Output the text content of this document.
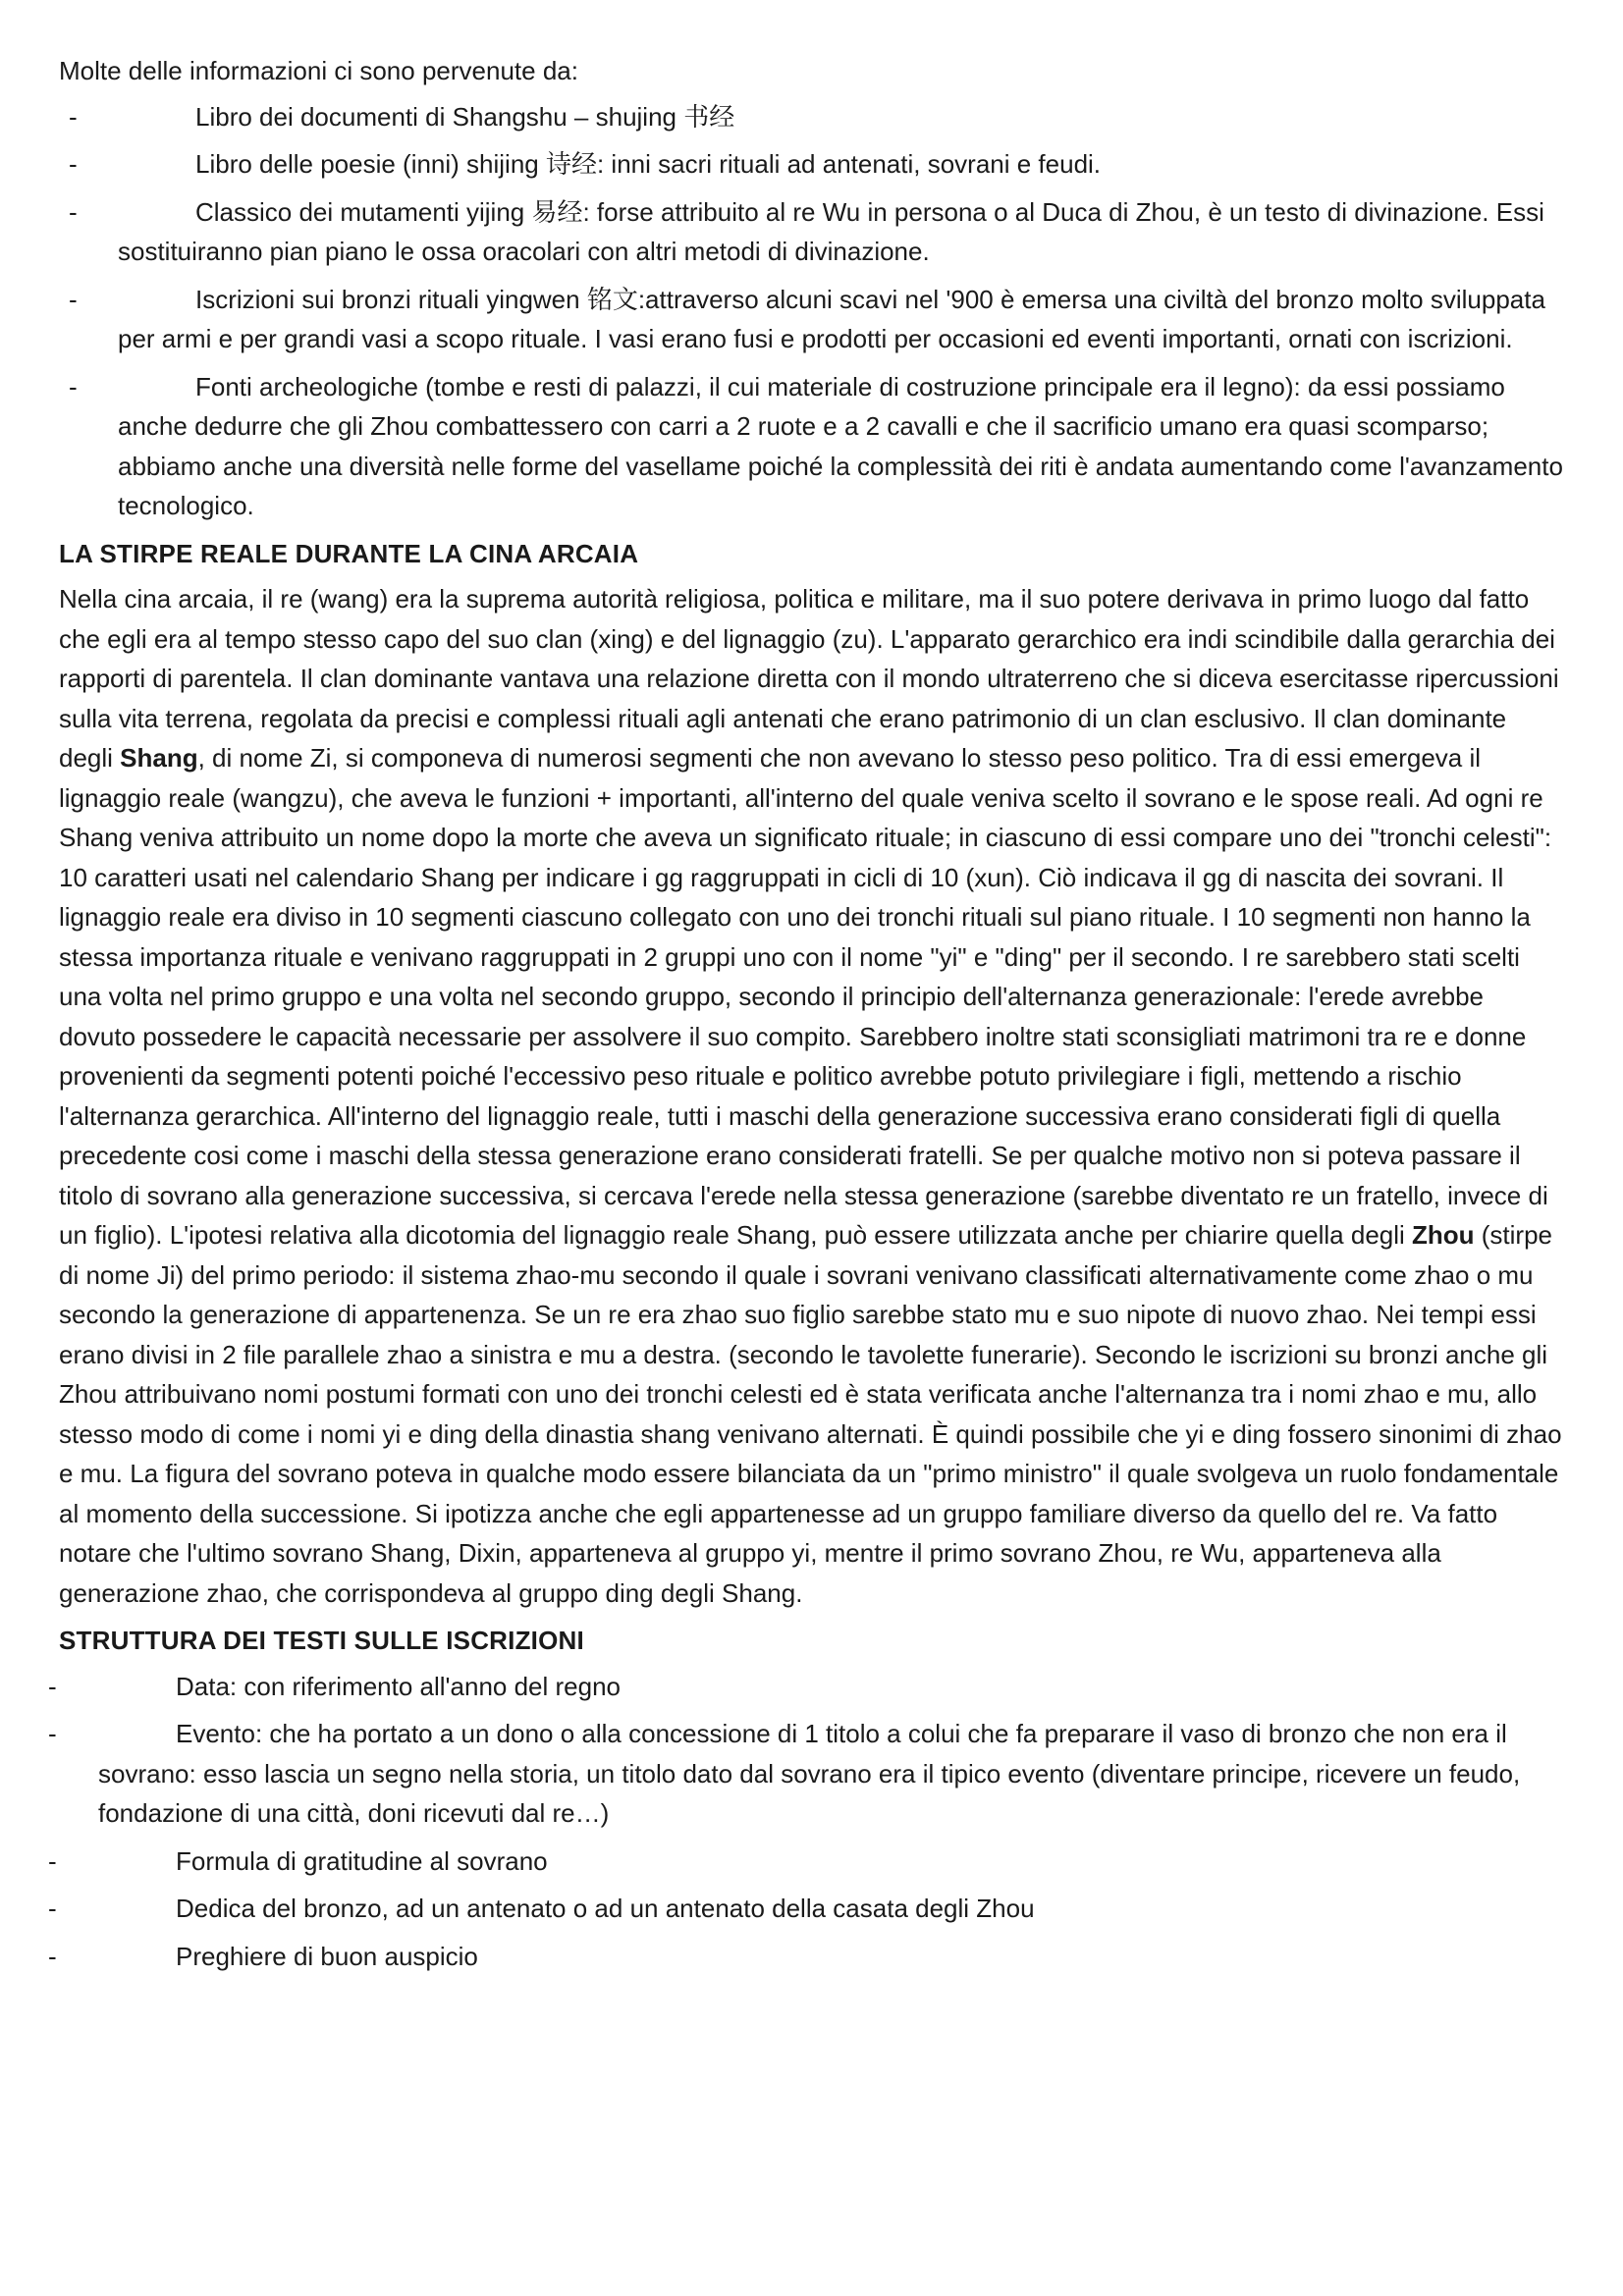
Molte delle informazioni ci sono pervenute da:

-	Libro dei documenti di Shangshu – shujing 书经
-	Libro delle poesie (inni) shijing 诗经: inni sacri rituali ad antenati, sovrani e feudi.
-	Classico dei mutamenti yijing 易经: forse attribuito al re Wu in persona o al Duca di Zhou, è un testo di divinazione. Essi sostituiranno pian piano le ossa oracolari con altri metodi di divinazione.
-	Iscrizioni sui bronzi rituali yingwen 铭文:attraverso alcuni scavi nel '900 è emersa una civiltà del bronzo molto sviluppata per armi e per grandi vasi a scopo rituale. I vasi erano fusi e prodotti per occasioni ed eventi importanti, ornati con iscrizioni.
-	Fonti archeologiche (tombe e resti di palazzi, il cui materiale di costruzione principale era il legno): da essi possiamo anche dedurre che gli Zhou combattessero con carri a 2 ruote e a 2 cavalli e che il sacrificio umano era quasi scomparso; abbiamo anche una diversità nelle forme del vasellame poiché la complessità dei riti è andata aumentando come l'avanzamento tecnologico.
LA STIRPE REALE DURANTE LA CINA ARCAIA

Nella cina arcaia, il re (wang) era la suprema autorità religiosa, politica e militare, ma il suo potere derivava in primo luogo dal fatto che egli era al tempo stesso capo del suo clan (xing) e del lignaggio (zu). L'apparato gerarchico era indi scindibile dalla gerarchia dei rapporti di parentela. Il clan dominante vantava una relazione diretta con il mondo ultraterreno che si diceva esercitasse ripercussioni sulla vita terrena, regolata da precisi e complessi rituali agli antenati che erano patrimonio di un clan esclusivo. Il clan dominante degli Shang, di nome Zi, si componeva di numerosi segmenti che non avevano lo stesso peso politico. Tra di essi emergeva il lignaggio reale (wangzu), che aveva le funzioni + importanti, all'interno del quale veniva scelto il sovrano e le spose reali. Ad ogni re Shang veniva attribuito un nome dopo la morte che aveva un significato rituale; in ciascuno di essi compare uno dei "tronchi celesti": 10 caratteri usati nel calendario Shang per indicare i gg raggruppati in cicli di 10 (xun). Ciò indicava il gg di nascita dei sovrani. Il lignaggio reale era diviso in 10 segmenti ciascuno collegato con uno dei tronchi rituali sul piano rituale. I 10 segmenti non hanno la stessa importanza rituale e venivano raggruppati in 2 gruppi uno con il nome "yi" e "ding" per il secondo. I re sarebbero stati scelti una volta nel primo gruppo e una volta nel secondo gruppo, secondo il principio dell'alternanza generazionale: l'erede avrebbe dovuto possedere le capacità necessarie per assolvere il suo compito. Sarebbero inoltre stati sconsigliati matrimoni tra re e donne provenienti da segmenti potenti poiché l'eccessivo peso rituale e politico avrebbe potuto privilegiare i figli, mettendo a rischio l'alternanza gerarchica. All'interno del lignaggio reale, tutti i maschi della generazione successiva erano considerati figli di quella precedente cosi come i maschi della stessa generazione erano considerati fratelli. Se per qualche motivo non si poteva passare il titolo di sovrano alla generazione successiva, si cercava l'erede nella stessa generazione (sarebbe diventato re un fratello, invece di un figlio). L'ipotesi relativa alla dicotomia del lignaggio reale Shang, può essere utilizzata anche per chiarire quella degli Zhou (stirpe di nome Ji) del primo periodo: il sistema zhao-mu secondo il quale i sovrani venivano classificati alternativamente come zhao o mu secondo la generazione di appartenenza. Se un re era zhao suo figlio sarebbe stato mu e suo nipote di nuovo zhao. Nei tempi essi erano divisi in 2 file parallele zhao a sinistra e mu a destra. (secondo le tavolette funerarie). Secondo le iscrizioni su bronzi anche gli Zhou attribuivano nomi postumi formati con uno dei tronchi celesti ed è stata verificata anche l'alternanza tra i nomi zhao e mu, allo stesso modo di come i nomi yi e ding della dinastia shang venivano alternati. È quindi possibile che yi e ding fossero sinonimi di zhao e mu. La figura del sovrano poteva in qualche modo essere bilanciata da un "primo ministro" il quale svolgeva un ruolo fondamentale al momento della successione. Si ipotizza anche che egli appartenesse ad un gruppo familiare diverso da quello del re. Va fatto notare che l'ultimo sovrano Shang, Dixin, apparteneva al gruppo yi, mentre il primo sovrano Zhou, re Wu, apparteneva alla generazione zhao, che corrispondeva al gruppo ding degli Shang.

STRUTTURA DEI TESTI SULLE ISCRIZIONI
-	Data: con riferimento all'anno del regno
-	Evento: che ha portato a un dono o alla concessione di 1 titolo a colui che fa preparare il vaso di bronzo che non era il sovrano: esso lascia un segno nella storia, un titolo dato dal sovrano era il tipico evento (diventare principe, ricevere un feudo, fondazione di una città, doni ricevuti dal re…)
-	Formula di gratitudine al sovrano
-	Dedica del bronzo, ad un antenato o ad un antenato della casata degli Zhou
-	Preghiere di buon auspicio
